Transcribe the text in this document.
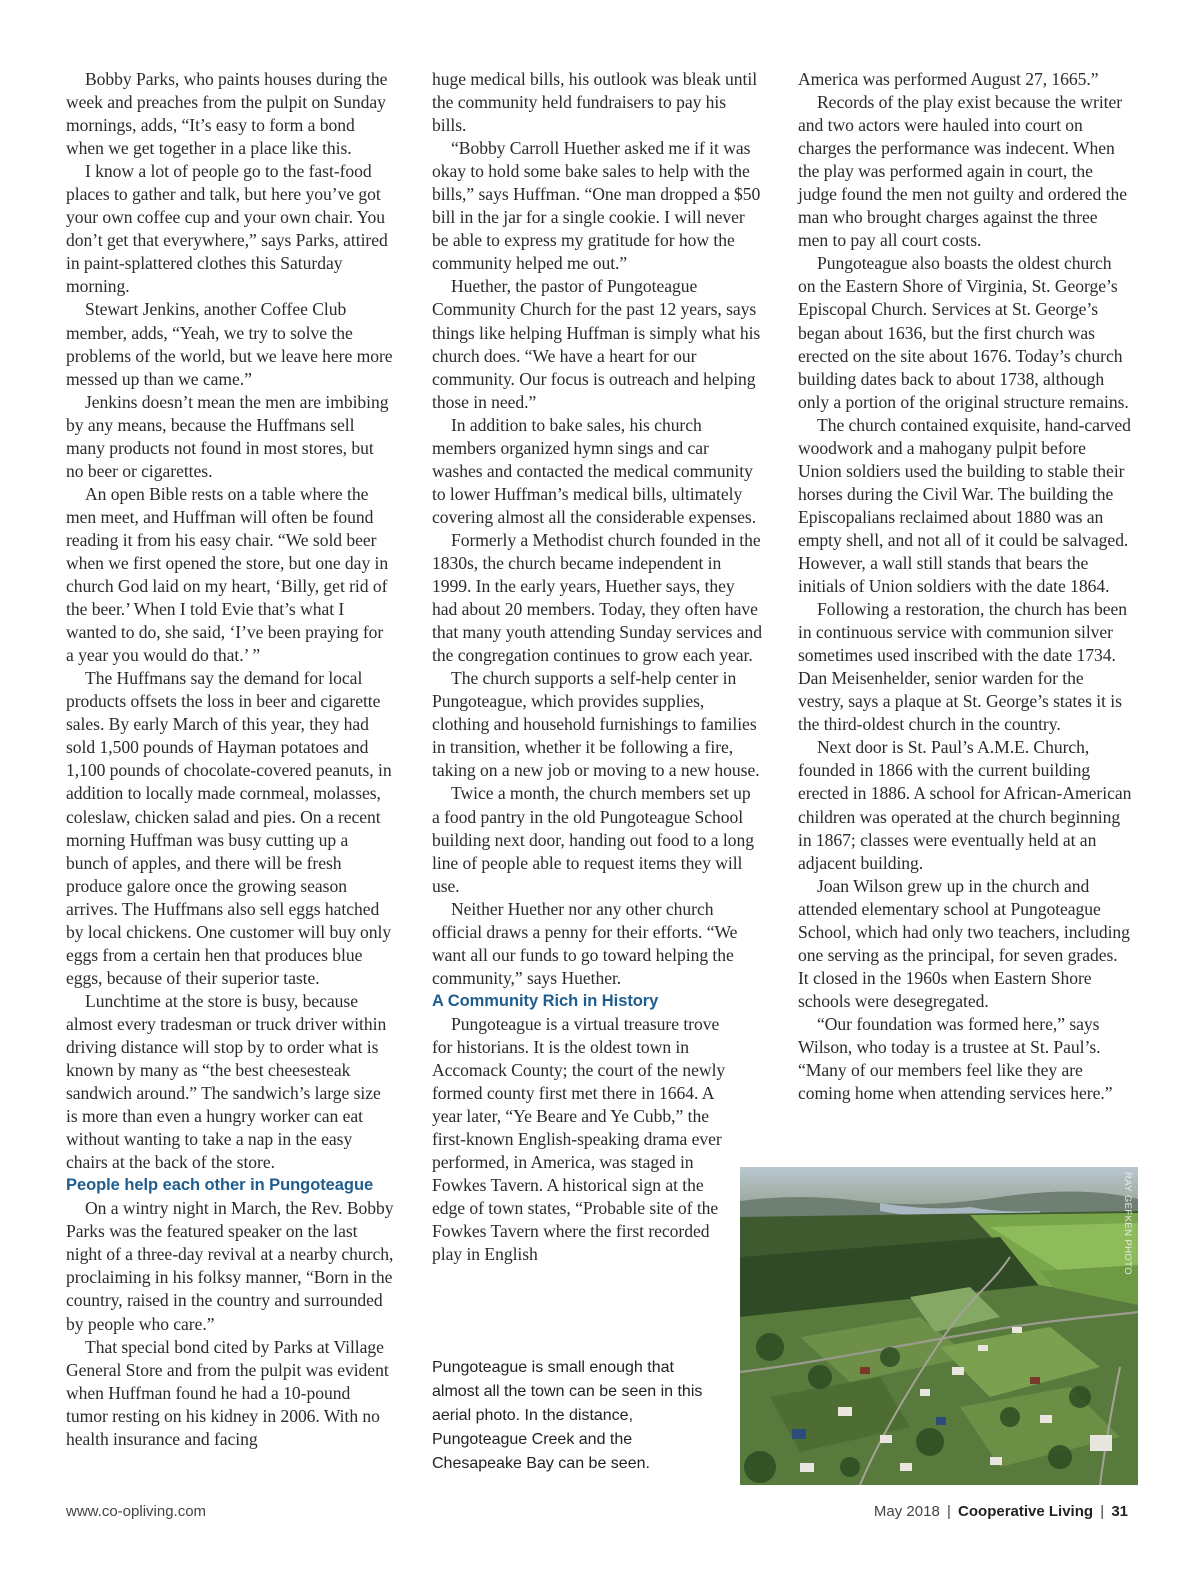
Bobby Parks, who paints houses during the week and preaches from the pulpit on Sunday mornings, adds, “It’s easy to form a bond when we get together in a place like this.

I know a lot of people go to the fast-food places to gather and talk, but here you’ve got your own coffee cup and your own chair. You don’t get that everywhere,” says Parks, attired in paint-splattered clothes this Saturday morning.

Stewart Jenkins, another Coffee Club member, adds, “Yeah, we try to solve the problems of the world, but we leave here more messed up than we came.”

Jenkins doesn’t mean the men are imbibing by any means, because the Huffmans sell many products not found in most stores, but no beer or cigarettes.

An open Bible rests on a table where the men meet, and Huffman will often be found reading it from his easy chair. “We sold beer when we first opened the store, but one day in church God laid on my heart, ‘Billy, get rid of the beer.’ When I told Evie that’s what I wanted to do, she said, ‘I’ve been praying for a year you would do that.’ ”

The Huffmans say the demand for local products offsets the loss in beer and cigarette sales. By early March of this year, they had sold 1,500 pounds of Hayman potatoes and 1,100 pounds of chocolate-covered peanuts, in addition to locally made cornmeal, molasses, coleslaw, chicken salad and pies. On a recent morning Huffman was busy cutting up a bunch of apples, and there will be fresh produce galore once the growing season arrives. The Huffmans also sell eggs hatched by local chickens. One customer will buy only eggs from a certain hen that produces blue eggs, because of their superior taste.

Lunchtime at the store is busy, because almost every tradesman or truck driver within driving distance will stop by to order what is known by many as “the best cheesesteak sandwich around.” The sandwich’s large size is more than even a hungry worker can eat without wanting to take a nap in the easy chairs at the back of the store.

People help each other in Pungoteague

On a wintry night in March, the Rev. Bobby Parks was the featured speaker on the last night of a three-day revival at a nearby church, proclaiming in his folksy manner, “Born in the country, raised in the country and surrounded by people who care.”

That special bond cited by Parks at Village General Store and from the pulpit was evident when Huffman found he had a 10-pound tumor resting on his kidney in 2006. With no health insurance and facing

huge medical bills, his outlook was bleak until the community held fundraisers to pay his bills.

“Bobby Carroll Huether asked me if it was okay to hold some bake sales to help with the bills,” says Huffman. “One man dropped a $50 bill in the jar for a single cookie. I will never be able to express my gratitude for how the community helped me out.”

Huether, the pastor of Pungoteague Community Church for the past 12 years, says things like helping Huffman is simply what his church does. “We have a heart for our community. Our focus is outreach and helping those in need.”

In addition to bake sales, his church members organized hymn sings and car washes and contacted the medical community to lower Huffman’s medical bills, ultimately covering almost all the considerable expenses.

Formerly a Methodist church founded in the 1830s, the church became independent in 1999. In the early years, Huether says, they had about 20 members. Today, they often have that many youth attending Sunday services and the congregation continues to grow each year.

The church supports a self-help center in Pungoteague, which provides supplies, clothing and household furnishings to families in transition, whether it be following a fire, taking on a new job or moving to a new house.

Twice a month, the church members set up a food pantry in the old Pungoteague School building next door, handing out food to a long line of people able to request items they will use.

Neither Huether nor any other church official draws a penny for their efforts. “We want all our funds to go toward helping the community,” says Huether.

A Community Rich in History

Pungoteague is a virtual treasure trove for historians. It is the oldest town in Accomack County; the court of the newly formed county first met there in 1664. A year later, “Ye Beare and Ye Cubb,” the first-known English-speaking drama ever performed, in America, was staged in Fowkes Tavern. A historical sign at the edge of town states, “Probable site of the Fowkes Tavern where the first recorded play in English

Pungoteague is small enough that almost all the town can be seen in this aerial photo. In the distance, Pungoteague Creek and the Chesapeake Bay can be seen.

America was performed August 27, 1665.”

Records of the play exist because the writer and two actors were hauled into court on charges the performance was indecent. When the play was performed again in court, the judge found the men not guilty and ordered the man who brought charges against the three men to pay all court costs.

Pungoteague also boasts the oldest church on the Eastern Shore of Virginia, St. George’s Episcopal Church. Services at St. George’s began about 1636, but the first church was erected on the site about 1676. Today’s church building dates back to about 1738, although only a portion of the original structure remains.

The church contained exquisite, hand-carved woodwork and a mahogany pulpit before Union soldiers used the building to stable their horses during the Civil War. The building the Episcopalians reclaimed about 1880 was an empty shell, and not all of it could be salvaged. However, a wall still stands that bears the initials of Union soldiers with the date 1864.

Following a restoration, the church has been in continuous service with communion silver sometimes used inscribed with the date 1734. Dan Meisenhelder, senior warden for the vestry, says a plaque at St. George’s states it is the third-oldest church in the country.

Next door is St. Paul’s A.M.E. Church, founded in 1866 with the current building erected in 1886. A school for African-American children was operated at the church beginning in 1867; classes were eventually held at an adjacent building.

Joan Wilson grew up in the church and attended elementary school at Pungoteague School, which had only two teachers, including one serving as the principal, for seven grades. It closed in the 1960s when Eastern Shore schools were desegregated.

“Our foundation was formed here,” says Wilson, who today is a trustee at St. Paul’s. “Many of our members feel like they are coming home when attending services here.”

RAY GEFKEN PHOTO
www.co-opliving.com	May 2018 | Cooperative Living | 31
